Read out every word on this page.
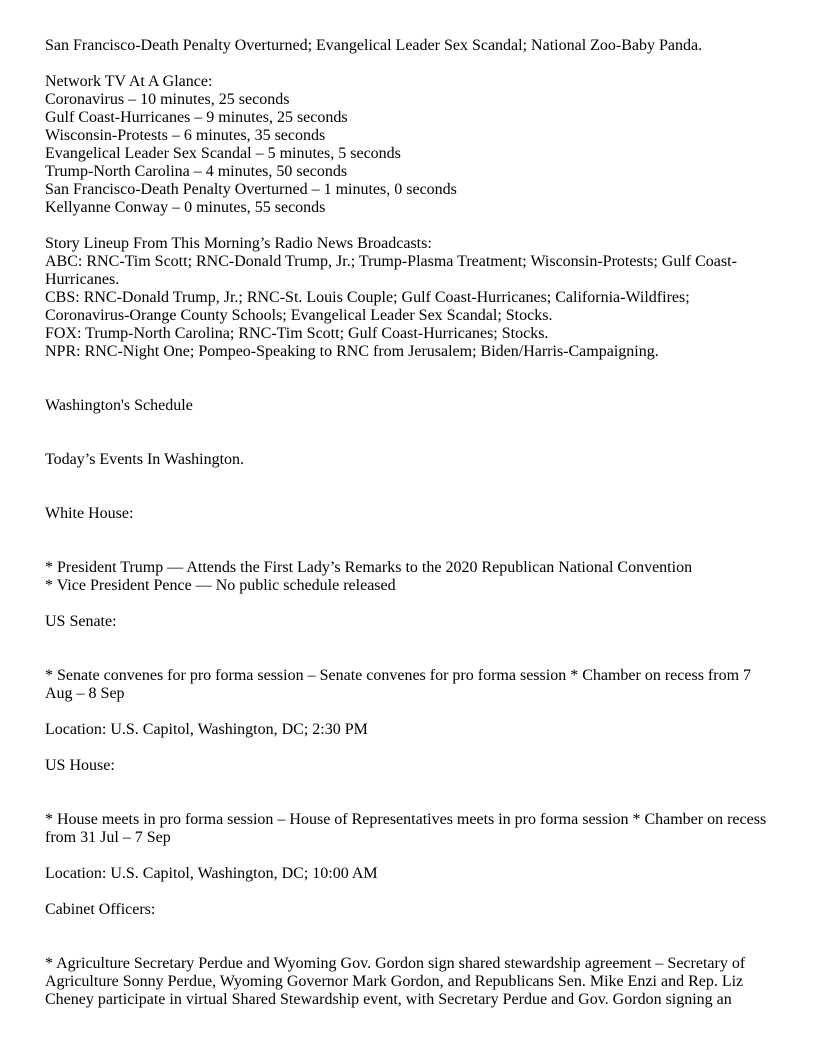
San Francisco-Death Penalty Overturned; Evangelical Leader Sex Scandal; National Zoo-Baby Panda.
Network TV At A Glance:
Coronavirus – 10 minutes, 25 seconds
Gulf Coast-Hurricanes – 9 minutes, 25 seconds
Wisconsin-Protests – 6 minutes, 35 seconds
Evangelical Leader Sex Scandal – 5 minutes, 5 seconds
Trump-North Carolina – 4 minutes, 50 seconds
San Francisco-Death Penalty Overturned – 1 minutes, 0 seconds
Kellyanne Conway – 0 minutes, 55 seconds
Story Lineup From This Morning’s Radio News Broadcasts:
ABC: RNC-Tim Scott; RNC-Donald Trump, Jr.; Trump-Plasma Treatment; Wisconsin-Protests; Gulf Coast-Hurricanes.
CBS: RNC-Donald Trump, Jr.; RNC-St. Louis Couple; Gulf Coast-Hurricanes; California-Wildfires; Coronavirus-Orange County Schools; Evangelical Leader Sex Scandal; Stocks.
FOX: Trump-North Carolina; RNC-Tim Scott; Gulf Coast-Hurricanes; Stocks.
NPR: RNC-Night One; Pompeo-Speaking to RNC from Jerusalem; Biden/Harris-Campaigning.
Washington's Schedule
Today’s Events In Washington.
White House:
* President Trump — Attends the First Lady’s Remarks to the 2020 Republican National Convention
* Vice President Pence — No public schedule released
US Senate:
* Senate convenes for pro forma session – Senate convenes for pro forma session * Chamber on recess from 7 Aug – 8 Sep
Location: U.S. Capitol, Washington, DC; 2:30 PM
US House:
* House meets in pro forma session – House of Representatives meets in pro forma session * Chamber on recess from 31 Jul – 7 Sep
Location: U.S. Capitol, Washington, DC; 10:00 AM
Cabinet Officers:
* Agriculture Secretary Perdue and Wyoming Gov. Gordon sign shared stewardship agreement – Secretary of Agriculture Sonny Perdue, Wyoming Governor Mark Gordon, and Republicans Sen. Mike Enzi and Rep. Liz Cheney participate in virtual Shared Stewardship event, with Secretary Perdue and Gov. Gordon signing an
